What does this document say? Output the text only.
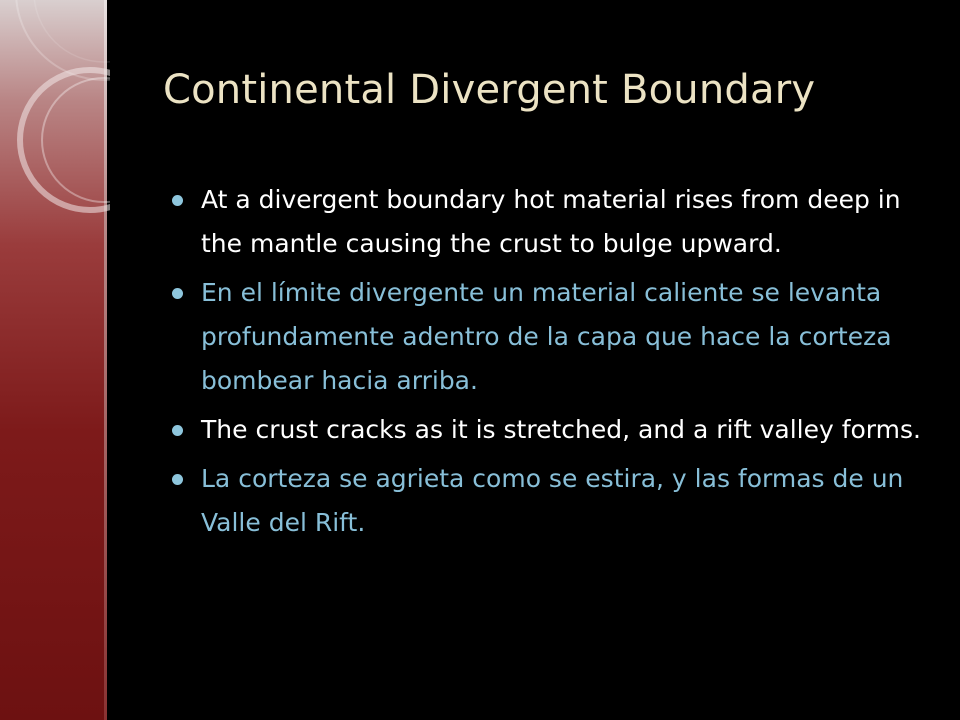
Continental Divergent Boundary
At a divergent boundary hot material rises from deep in the mantle causing the crust to bulge upward.
En el límite divergente un material caliente se levanta profundamente adentro de la capa que hace la corteza bombear hacia arriba.
The crust cracks as it is stretched, and a rift valley forms.
La corteza se agrieta como se estira, y las formas de un Valle del Rift.
